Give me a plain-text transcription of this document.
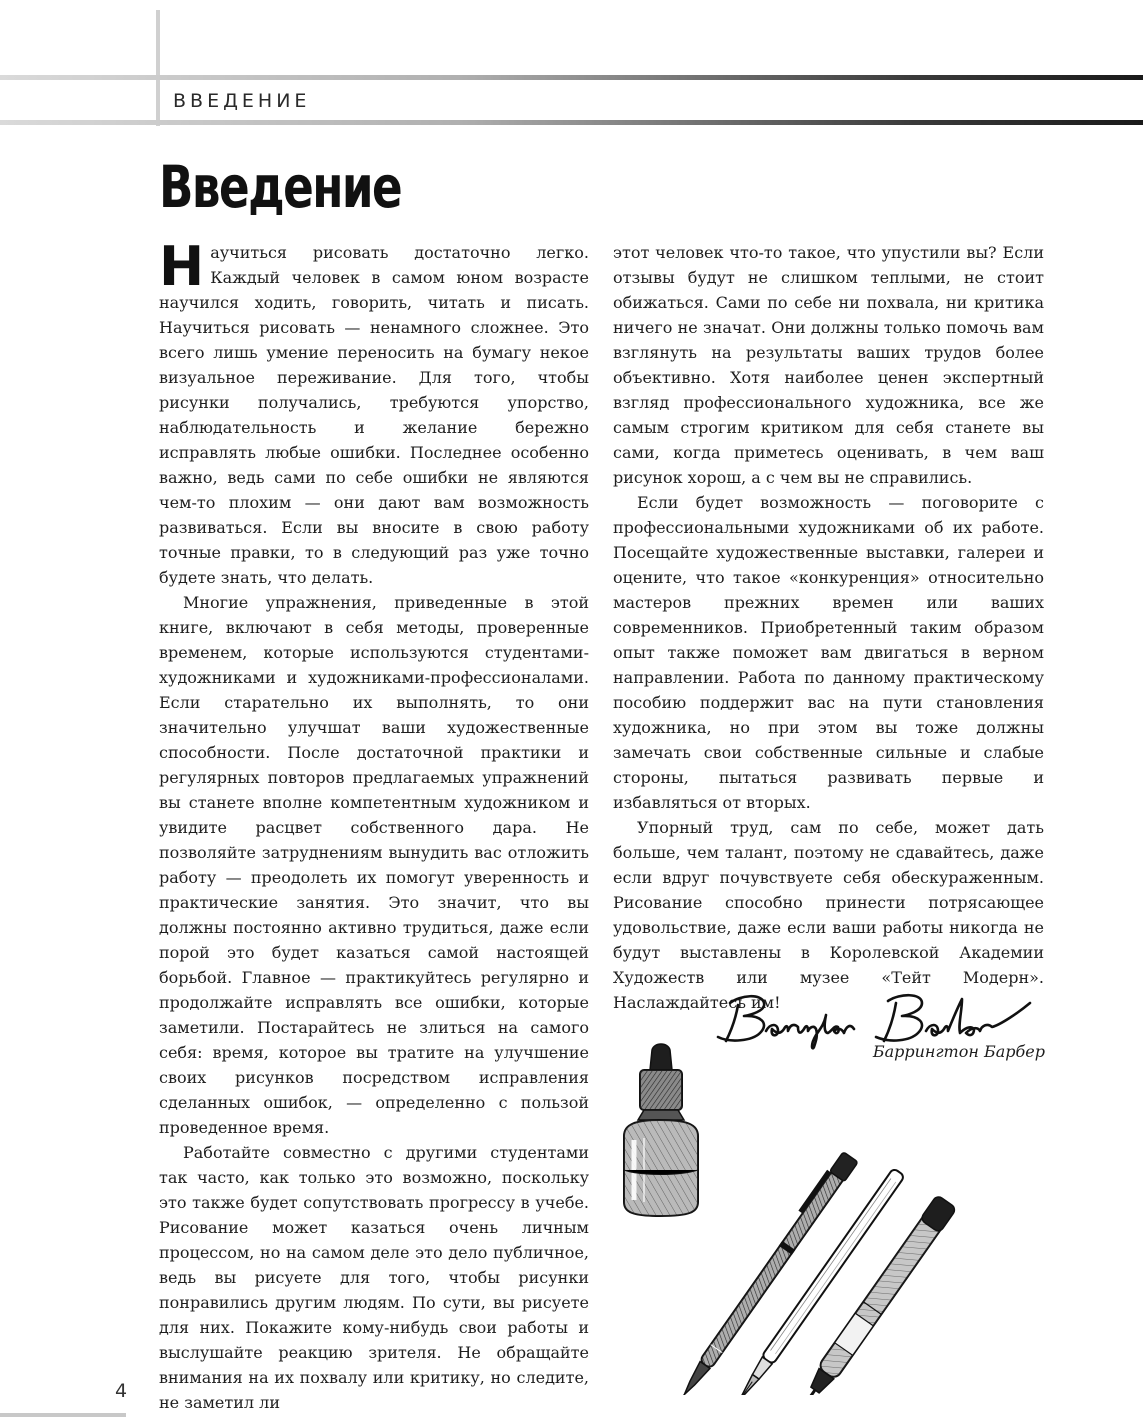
ВВЕДЕНИЕ
Введение

Научиться рисовать достаточно легко. Каждый человек в самом юном возрасте научился ходить, говорить, читать и писать. Научиться рисовать — ненамного сложнее. Это всего лишь умение переносить на бумагу некое визуальное переживание. Для того, чтобы рисунки получались, требуются упорство, наблюдательность и желание бережно исправлять любые ошибки. Последнее особенно важно, ведь сами по себе ошибки не являются чем-то плохим — они дают вам возможность развиваться. Если вы вносите в свою работу точные правки, то в следующий раз уже точно будете знать, что делать.

Многие упражнения, приведенные в этой книге, включают в себя методы, проверенные временем, которые используются студентами-художниками и художниками-профессионалами. Если старательно их выполнять, то они значительно улучшат ваши художественные способности. После достаточной практики и регулярных повторов предлагаемых упражнений вы станете вполне компетентным художником и увидите расцвет собственного дара. Не позволяйте затруднениям вынудить вас отложить работу — преодолеть их помогут уверенность и практические занятия. Это значит, что вы должны постоянно активно трудиться, даже если порой это будет казаться самой настоящей борьбой. Главное — практикуйтесь регулярно и продолжайте исправлять все ошибки, которые заметили. Постарайтесь не злиться на самого себя: время, которое вы тратите на улучшение своих рисунков посредством исправления сделанных ошибок, — определенно с пользой проведенное время.

Работайте совместно с другими студентами так часто, как только это возможно, поскольку это также будет сопутствовать прогрессу в учебе. Рисование может казаться очень личным процессом, но на самом деле это дело публичное, ведь вы рисуете для того, чтобы рисунки понравились другим людям. По сути, вы рисуете для них. Покажите кому-нибудь свои работы и выслушайте реакцию зрителя. Не обращайте внимания на их похвалу или критику, но следите, не заметил ли

этот человек что-то такое, что упустили вы? Если отзывы будут не слишком теплыми, не стоит обижаться. Сами по себе ни похвала, ни критика ничего не значат. Они должны только помочь вам взглянуть на результаты ваших трудов более объективно. Хотя наиболее ценен экспертный взгляд профессионального художника, все же самым строгим критиком для себя станете вы сами, когда приметесь оценивать, в чем ваш рисунок хорош, а с чем вы не справились.

Если будет возможность — поговорите с профессиональными художниками об их работе. Посещайте художественные выставки, галереи и оцените, что такое «конкуренция» относительно мастеров прежних времен или ваших современников. Приобретенный таким образом опыт также поможет вам двигаться в верном направлении. Работа по данному практическому пособию поддержит вас на пути становления художника, но при этом вы тоже должны замечать свои собственные сильные и слабые стороны, пытаться развивать первые и избавляться от вторых.

Упорный труд, сам по себе, может дать больше, чем талант, поэтому не сдавайтесь, даже если вдруг почувствуете себя обескураженным. Рисование способно принести потрясающее удовольствие, даже если ваши работы никогда не будут выставлены в Королевской Академии Художеств или музее «Тейт Модерн». Наслаждайтесь им!

Баррингтон Барбер
4
